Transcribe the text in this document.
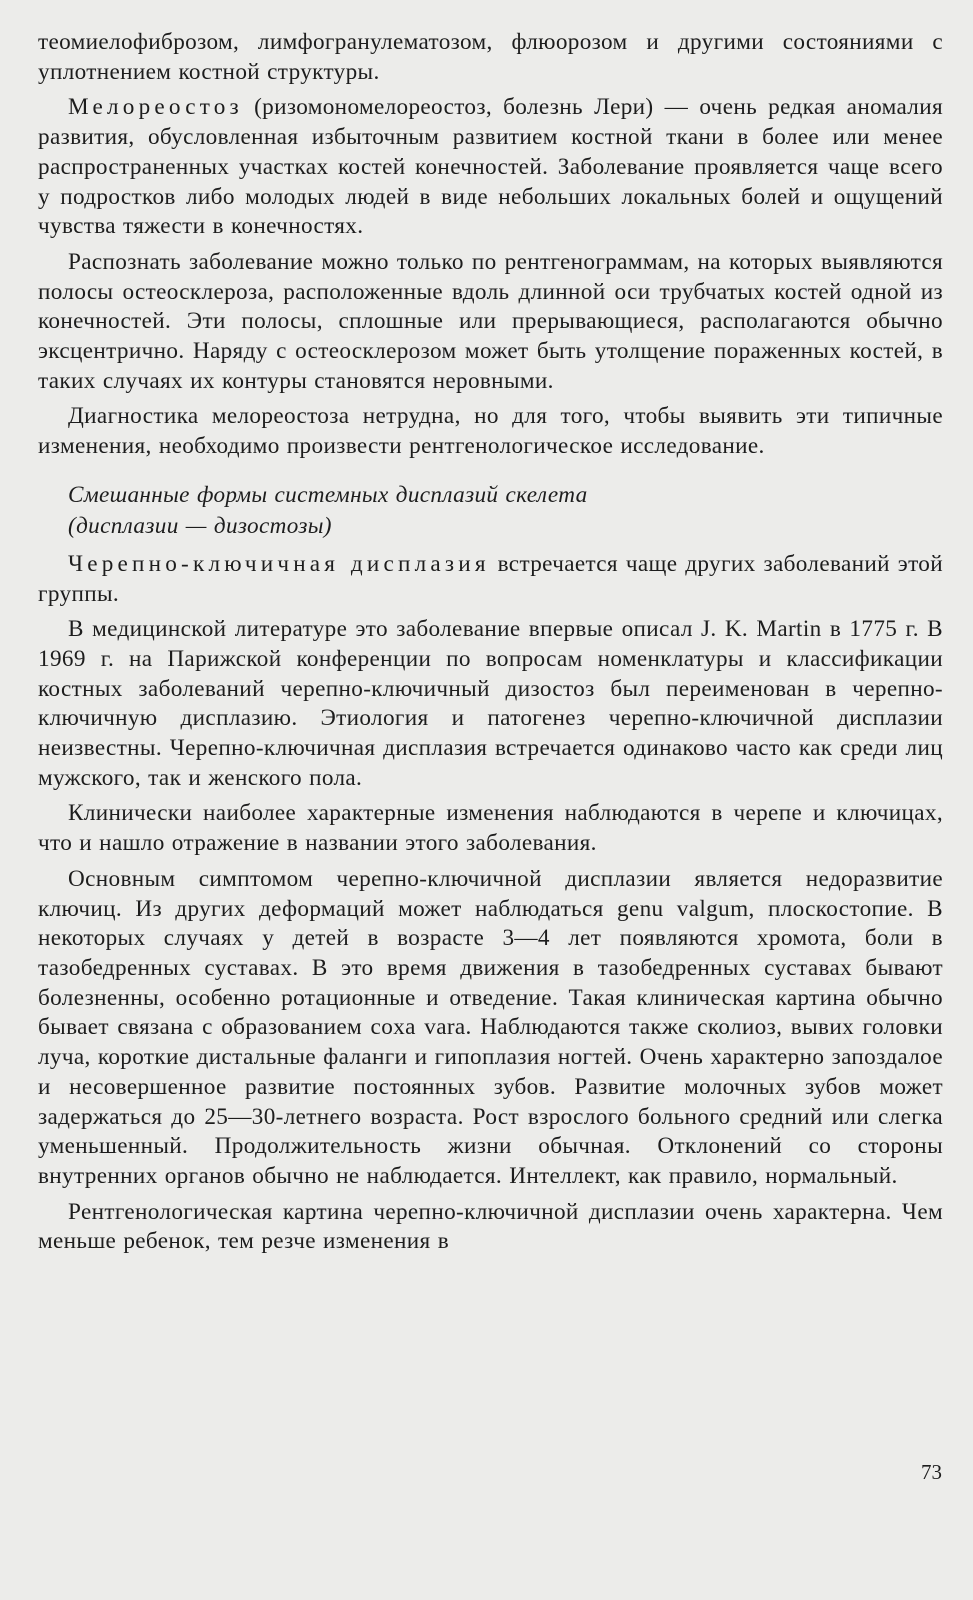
теомиелофиброзом, лимфогранулематозом, флюорозом и другими состояниями с уплотнением костной структуры.

Мелореостоз (ризомономелореостоз, болезнь Лери) — очень редкая аномалия развития, обусловленная избыточным развитием костной ткани в более или менее распространенных участках костей конечностей. Заболевание проявляется чаще всего у подростков либо молодых людей в виде небольших локальных болей и ощущений чувства тяжести в конечностях.

Распознать заболевание можно только по рентгенограммам, на которых выявляются полосы остеосклероза, расположенные вдоль длинной оси трубчатых костей одной из конечностей. Эти полосы, сплошные или прерывающиеся, располагаются обычно эксцентрично. Наряду с остеосклерозом может быть утолщение пораженных костей, в таких случаях их контуры становятся неровными.

Диагностика мелореостоза нетрудна, но для того, чтобы выявить эти типичные изменения, необходимо произвести рентгенологическое исследование.

Смешанные формы системных дисплазий скелета
(дисплазии — дизостозы)

Черепно-ключичная дисплазия встречается чаще других заболеваний этой группы.

В медицинской литературе это заболевание впервые описал J. K. Martin в 1775 г. В 1969 г. на Парижской конференции по вопросам номенклатуры и классификации костных заболеваний черепно-ключичный дизостоз был переименован в черепно-ключичную дисплазию. Этиология и патогенез черепно-ключичной дисплазии неизвестны. Черепно-ключичная дисплазия встречается одинаково часто как среди лиц мужского, так и женского пола.

Клинически наиболее характерные изменения наблюдаются в черепе и ключицах, что и нашло отражение в названии этого заболевания.

Основным симптомом черепно-ключичной дисплазии является недоразвитие ключиц. Из других деформаций может наблюдаться genu valgum, плоскостопие. В некоторых случаях у детей в возрасте 3—4 лет появляются хромота, боли в тазобедренных суставах. В это время движения в тазобедренных суставах бывают болезненны, особенно ротационные и отведение. Такая клиническая картина обычно бывает связана с образованием coxa vara. Наблюдаются также сколиоз, вывих головки луча, короткие дистальные фаланги и гипоплазия ногтей. Очень характерно запоздалое и несовершенное развитие постоянных зубов. Развитие молочных зубов может задержаться до 25—30-летнего возраста. Рост взрослого больного средний или слегка уменьшенный. Продолжительность жизни обычная. Отклонений со стороны внутренних органов обычно не наблюдается. Интеллект, как правило, нормальный.

Рентгенологическая картина черепно-ключичной дисплазии очень характерна. Чем меньше ребенок, тем резче изменения в

73
